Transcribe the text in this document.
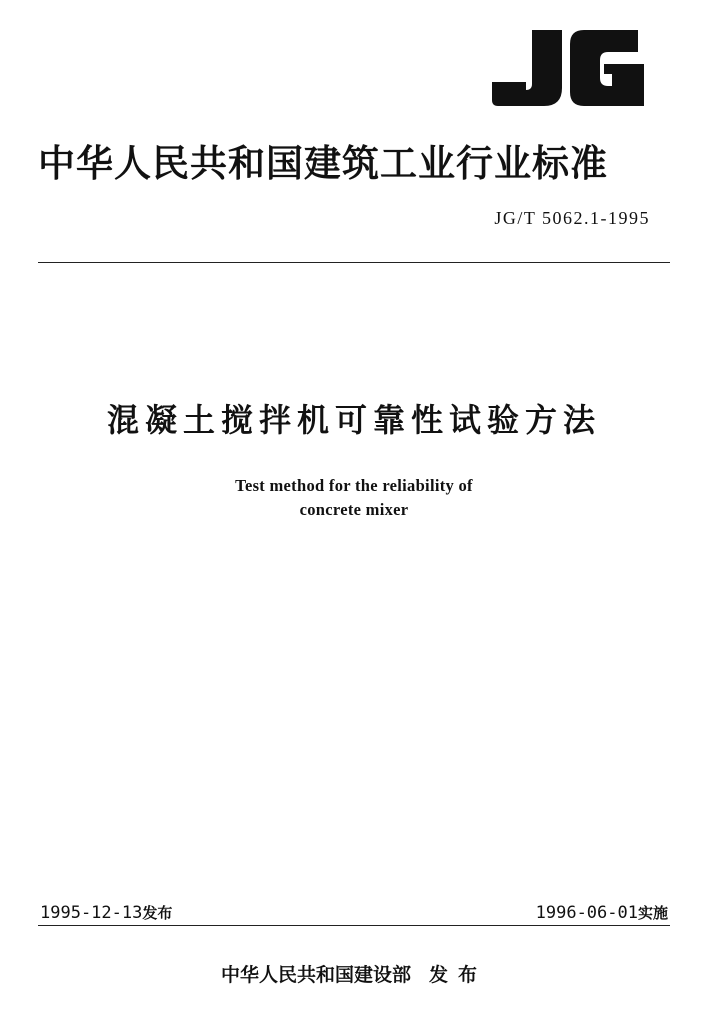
中华人民共和国建筑工业行业标准
JG/T 5062.1-1995
混凝土搅拌机可靠性试验方法
Test method for the reliability of
concrete mixer
1995-12-13发布	1996-06-01实施
中华人民共和国建设部 发布
